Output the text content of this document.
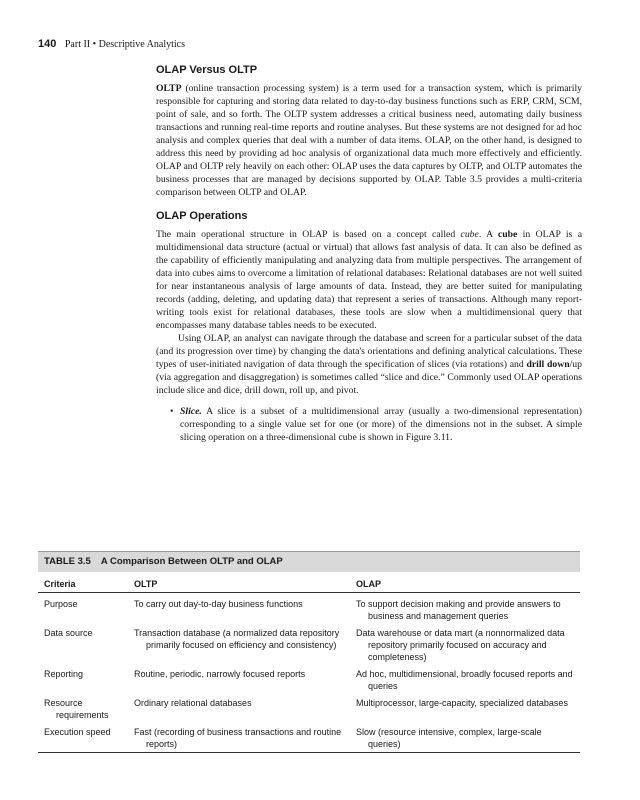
140 Part II • Descriptive Analytics
OLAP Versus OLTP

OLTP (online transaction processing system) is a term used for a transaction system, which is primarily responsible for capturing and storing data related to day-to-day business functions such as ERP, CRM, SCM, point of sale, and so forth. The OLTP system addresses a critical business need, automating daily business transactions and running real-time reports and routine analyses. But these systems are not designed for ad hoc analysis and complex queries that deal with a number of data items. OLAP, on the other hand, is designed to address this need by providing ad hoc analysis of organizational data much more effectively and efficiently. OLAP and OLTP rely heavily on each other: OLAP uses the data captures by OLTP, and OLTP automates the business processes that are managed by decisions supported by OLAP. Table 3.5 provides a multi-criteria comparison between OLTP and OLAP.

OLAP Operations

The main operational structure in OLAP is based on a concept called cube. A cube in OLAP is a multidimensional data structure (actual or virtual) that allows fast analysis of data. It can also be defined as the capability of efficiently manipulating and analyzing data from multiple perspectives. The arrangement of data into cubes aims to overcome a limitation of relational databases: Relational databases are not well suited for near instantaneous analysis of large amounts of data. Instead, they are better suited for manipulating records (adding, deleting, and updating data) that represent a series of transactions. Although many report-writing tools exist for relational databases, these tools are slow when a multidimensional query that encompasses many database tables needs to be executed.

Using OLAP, an analyst can navigate through the database and screen for a particular subset of the data (and its progression over time) by changing the data's orientations and defining analytical calculations. These types of user-initiated navigation of data through the specification of slices (via rotations) and drill down/up (via aggregation and disaggregation) is sometimes called “slice and dice.” Commonly used OLAP operations include slice and dice, drill down, roll up, and pivot.

• Slice. A slice is a subset of a multidimensional array (usually a two-dimensional representation) corresponding to a single value set for one (or more) of the dimensions not in the subset. A simple slicing operation on a three-dimensional cube is shown in Figure 3.11.
TABLE 3.5 A Comparison Between OLTP and OLAP
Criteria	OLTP	OLAP

Purpose	To carry out day-to-day business functions	To support decision making and provide answers to business and management queries

Data source	Transaction database (a normalized data repository primarily focused on efficiency and consistency)	Data warehouse or data mart (a nonnormalized data repository primarily focused on accuracy and completeness)

Reporting	Routine, periodic, narrowly focused reports	Ad hoc, multidimensional, broadly focused reports and queries

Resource requirements	Ordinary relational databases	Multiprocessor, large-capacity, specialized databases

Execution speed	Fast (recording of business transactions and routine reports)	Slow (resource intensive, complex, large-scale queries)
